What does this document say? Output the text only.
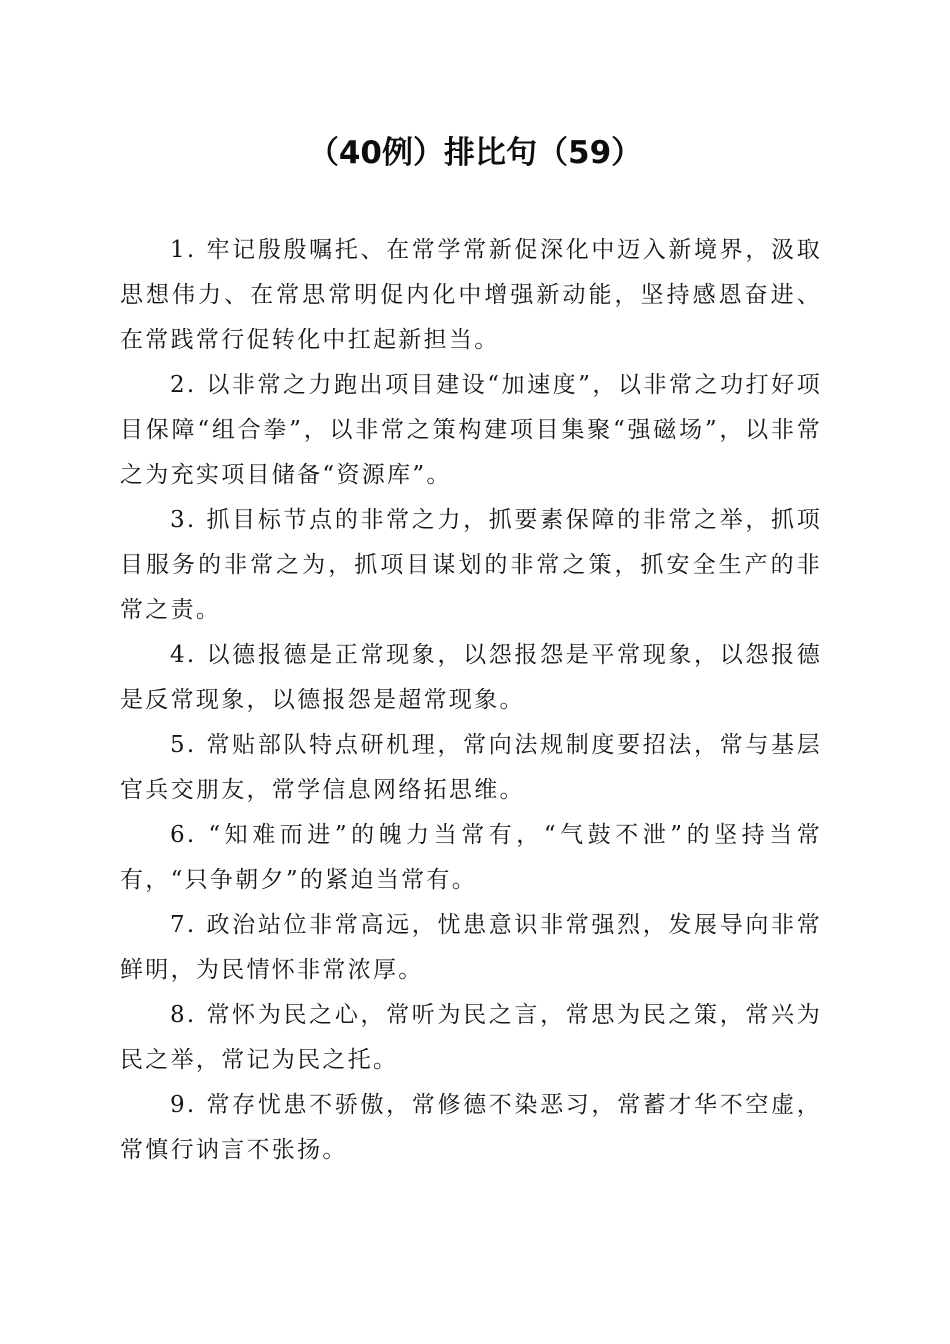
（40例）排比句（59）

1. 牢记殷殷嘱托、在常学常新促深化中迈入新境界，汲取思想伟力、在常思常明促内化中增强新动能，坚持感恩奋进、在常践常行促转化中扛起新担当。

2. 以非常之力跑出项目建设“加速度”，以非常之功打好项目保障“组合拳”，以非常之策构建项目集聚“强磁场”，以非常之为充实项目储备“资源库”。

3. 抓目标节点的非常之力，抓要素保障的非常之举，抓项目服务的非常之为，抓项目谋划的非常之策，抓安全生产的非常之责。

4. 以德报德是正常现象，以怨报怨是平常现象，以怨报德是反常现象，以德报怨是超常现象。

5. 常贴部队特点研机理，常向法规制度要招法，常与基层官兵交朋友，常学信息网络拓思维。

6. “知难而进”的魄力当常有，“气鼓不泄”的坚持当常有，“只争朝夕”的紧迫当常有。

7. 政治站位非常高远，忧患意识非常强烈，发展导向非常鲜明，为民情怀非常浓厚。

8. 常怀为民之心，常听为民之言，常思为民之策，常兴为民之举，常记为民之托。

9. 常存忧患不骄傲，常修德不染恶习，常蓄才华不空虚，常慎行讷言不张扬。
